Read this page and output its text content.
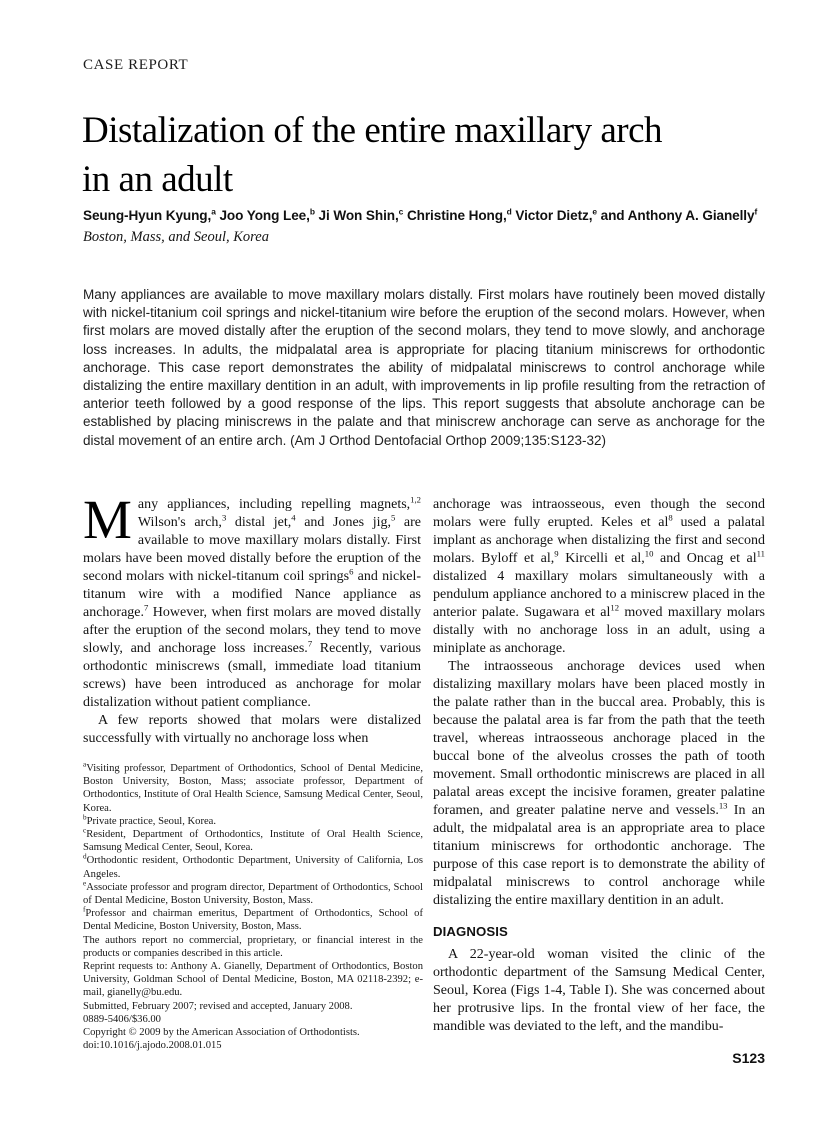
CASE REPORT
Distalization of the entire maxillary arch
in an adult
Seung-Hyun Kyung,$^a$ Joo Yong Lee,$^b$ Ji Won Shin,$^c$ Christine Hong,$^d$ Victor Dietz,$^e$ and Anthony A. Gianelly$^f$
Boston, Mass, and Seoul, Korea
Many appliances are available to move maxillary molars distally. First molars have routinely been moved distally with nickel-titanium coil springs and nickel-titanium wire before the eruption of the second molars. However, when first molars are moved distally after the eruption of the second molars, they tend to move slowly, and anchorage loss increases. In adults, the midpalatal area is appropriate for placing titanium miniscrews for orthodontic anchorage. This case report demonstrates the ability of midpalatal miniscrews to control anchorage while distalizing the entire maxillary dentition in an adult, with improvements in lip profile resulting from the retraction of anterior teeth followed by a good response of the lips. This report suggests that absolute anchorage can be established by placing miniscrews in the palate and that miniscrew anchorage can serve as anchorage for the distal movement of an entire arch. (Am J Orthod Dentofacial Orthop 2009;135:S123-32)

Many appliances, including repelling magnets,$^{1,2}$ Wilson's arch,$^3$ distal jet,$^4$ and Jones jig,$^5$ are available to move maxillary molars distally. First molars have been moved distally before the eruption of the second molars with nickel-titanum coil springs$^6$ and nickel-titanum wire with a modified Nance appliance as anchorage.$^7$ However, when first molars are moved distally after the eruption of the second molars, they tend to move slowly, and anchorage loss increases.$^7$ Recently, various orthodontic miniscrews (small, immediate load titanium screws) have been introduced as anchorage for molar distalization without patient compliance.

A few reports showed that molars were distalized successfully with virtually no anchorage loss when

anchorage was intraosseous, even though the second molars were fully erupted. Keles et $al^8$ used a palatal implant as anchorage when distalizing the first and second molars. Byloff et al,$^9$ Kircelli et al,$^{10}$ and Oncag et $al^{11}$ distalized 4 maxillary molars simultaneously with a pendulum appliance anchored to a miniscrew placed in the anterior palate. Sugawara et $al^{12}$ moved maxillary molars distally with no anchorage loss in an adult, using a miniplate as anchorage.

The intraosseous anchorage devices used when distalizing maxillary molars have been placed mostly in the palate rather than in the buccal area. Probably, this is because the palatal area is far from the path that the teeth travel, whereas intraosseous anchorage placed in the buccal bone of the alveolus crosses the path of tooth movement. Small orthodontic miniscrews are placed in all palatal areas except the incisive foramen, greater palatine foramen, and greater palatine nerve and vessels.$^{13}$ In an adult, the midpalatal area is an appropriate area to place titanium miniscrews for orthodontic anchorage. The purpose of this case report is to demonstrate the ability of midpalatal miniscrews to control anchorage while distalizing the entire maxillary dentition in an adult.

DIAGNOSIS

A 22-year-old woman visited the clinic of the orthodontic department of the Samsung Medical Center, Seoul, Korea (Figs 1-4, Table I). She was concerned about her protrusive lips. In the frontal view of her face, the mandible was deviated to the left, and the mandibu-

$^a$Visiting professor, Department of Orthodontics, School of Dental Medicine, Boston University, Boston, Mass; associate professor, Department of Orthodontics, Institute of Oral Health Science, Samsung Medical Center, Seoul, Korea.

$^b$Private practice, Seoul, Korea.

$^c$Resident, Department of Orthodontics, Institute of Oral Health Science, Samsung Medical Center, Seoul, Korea.

$^d$Orthodontic resident, Orthodontic Department, University of California, Los Angeles.

$^e$Associate professor and program director, Department of Orthodontics, School of Dental Medicine, Boston University, Boston, Mass.

$^f$Professor and chairman emeritus, Department of Orthodontics, School of Dental Medicine, Boston University, Boston, Mass.

The authors report no commercial, proprietary, or financial interest in the products or companies described in this article.

Reprint requests to: Anthony A. Gianelly, Department of Orthodontics, Boston University, Goldman School of Dental Medicine, Boston, MA 02118-2392; e-mail, gianelly@bu.edu.

Submitted, February 2007; revised and accepted, January 2008.

0889-5406/$36.00

Copyright © 2009 by the American Association of Orthodontists.

doi:10.1016/j.ajodo.2008.01.015

S123
